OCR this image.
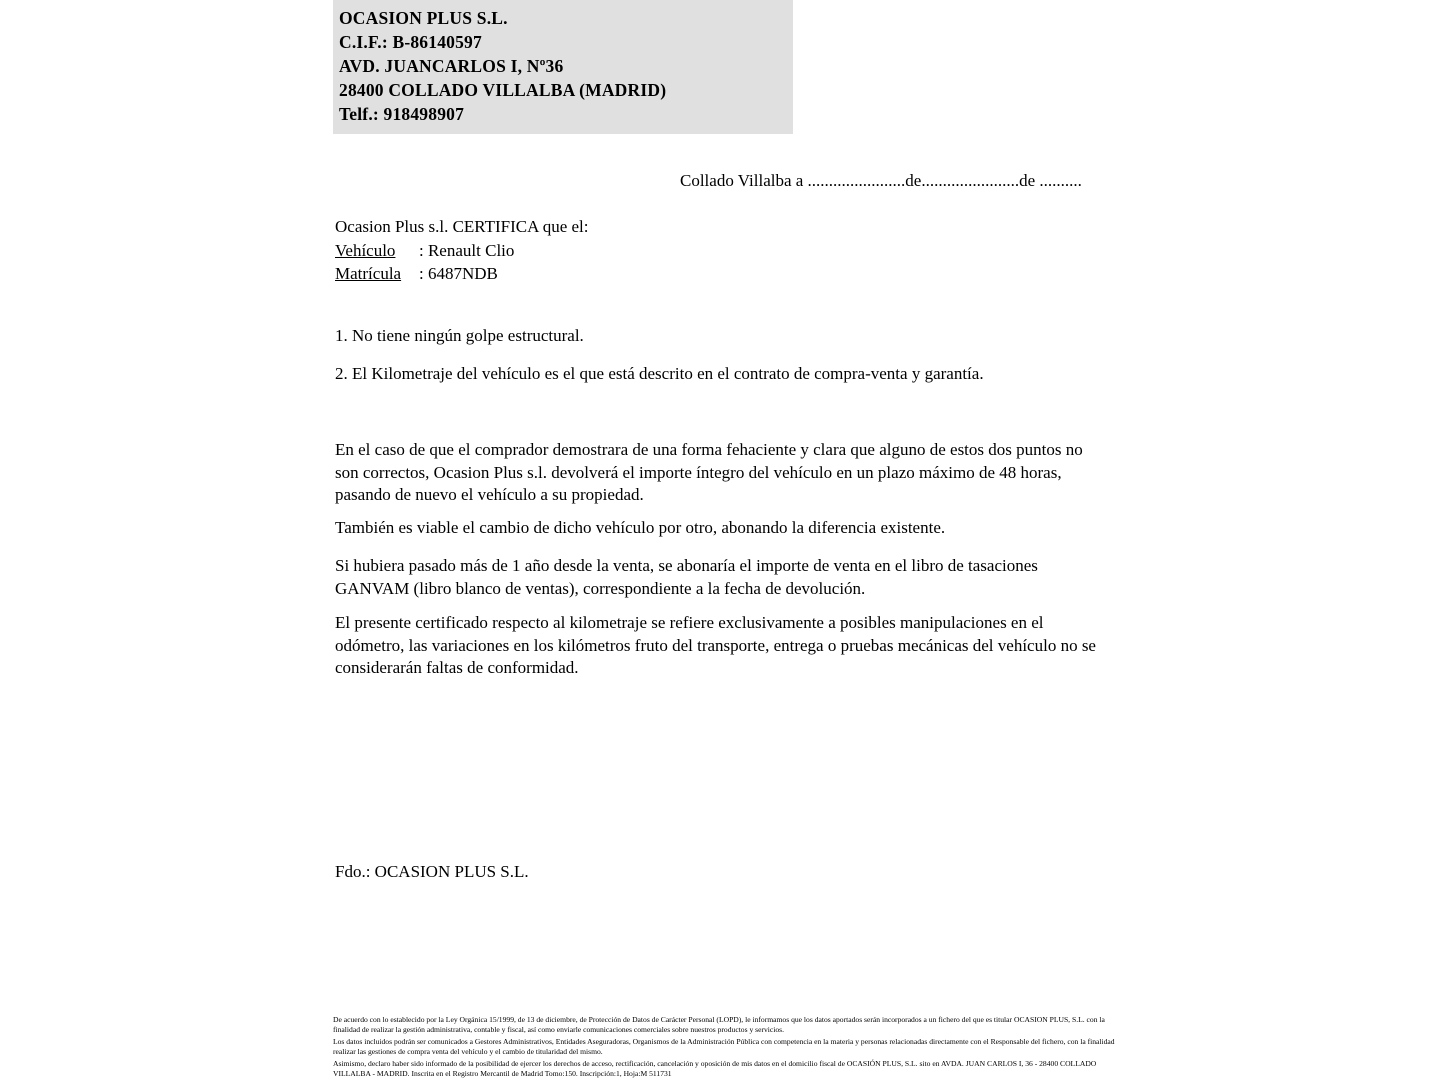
OCASION PLUS S.L.
C.I.F.: B-86140597
AVD. JUANCARLOS I, Nº36
28400 COLLADO VILLALBA (MADRID)
Telf.: 918498907
Collado Villalba a .......................de.......................de ..........
Ocasion Plus s.l. CERTIFICA que el:
Vehículo : Renault Clio
Matrícula : 6487NDB
1. No tiene ningún golpe estructural.
2. El Kilometraje del vehículo es el que está descrito en el contrato de compra-venta y garantía.
En el caso de que el comprador demostrara de una forma fehaciente y clara que alguno de estos dos puntos no son correctos, Ocasion Plus s.l. devolverá el importe íntegro del vehículo en un plazo máximo de 48 horas, pasando de nuevo el vehículo a su propiedad.
También es viable el cambio de dicho vehículo por otro, abonando la diferencia existente.
Si hubiera pasado más de 1 año desde la venta, se abonaría el importe de venta en el libro de tasaciones GANVAM (libro blanco de ventas), correspondiente a la fecha de devolución.
El presente certificado respecto al kilometraje se refiere exclusivamente a posibles manipulaciones en el odómetro, las variaciones en los kilómetros fruto del transporte, entrega o pruebas mecánicas del vehículo no se considerarán faltas de conformidad.
Fdo.: OCASION PLUS S.L.

De acuerdo con lo establecido por la Ley Orgánica 15/1999, de 13 de diciembre, de Protección de Datos de Carácter Personal (LOPD), le informamos que los datos aportados serán incorporados a un fichero del que es titular OCASION PLUS, S.L. con la finalidad de realizar la gestión administrativa, contable y fiscal, así como enviarle comunicaciones comerciales sobre nuestros productos y servicios.

Los datos incluidos podrán ser comunicados a Gestores Administrativos, Entidades Aseguradoras, Organismos de la Administración Pública con competencia en la materia y personas relacionadas directamente con el Responsable del fichero, con la finalidad realizar las gestiones de compra venta del vehículo y el cambio de titularidad del mismo.

Asimismo, declaro haber sido informado de la posibilidad de ejercer los derechos de acceso, rectificación, cancelación y oposición de mis datos en el domicilio fiscal de OCASIÓN PLUS, S.L. sito en AVDA. JUAN CARLOS I, 36 - 28400 COLLADO VILLALBA - MADRID. Inscrita en el Registro Mercantil de Madrid Tomo:150. Inscripción:1, Hoja:M 511731
